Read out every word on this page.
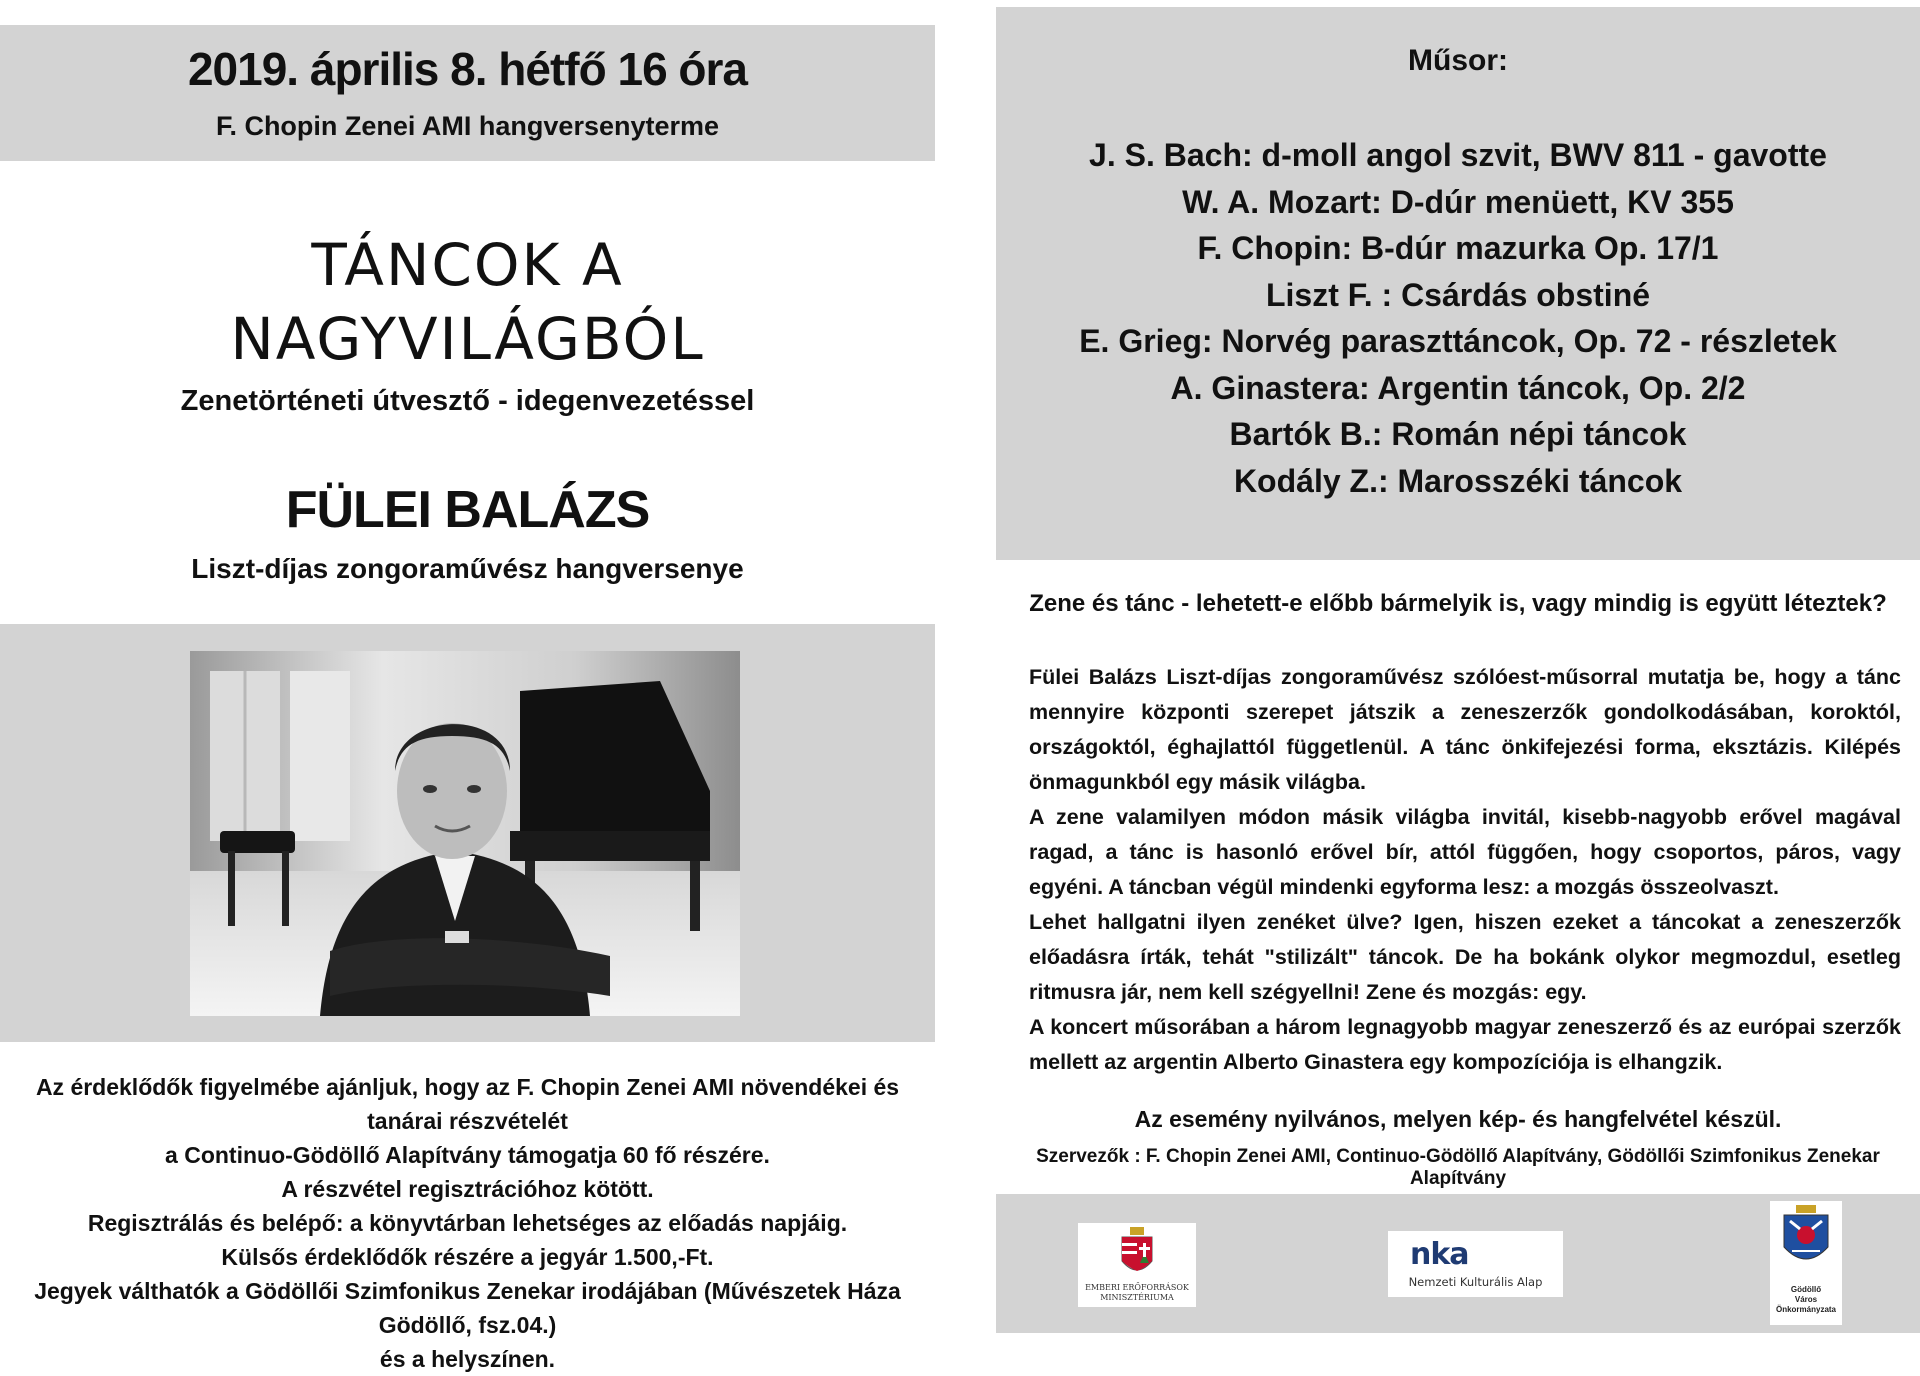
2019. április 8. hétfő 16 óra
F. Chopin Zenei AMI hangversenyterme
TÁNCOK A
NAGYVILÁGBÓL
Zenetörténeti útvesztő - idegenvezetéssel
FÜLEI BALÁZS
Liszt-díjas zongoraművész hangversenye
Az érdeklődők figyelmébe ajánljuk, hogy az F. Chopin Zenei AMI növendékei és tanárai részvételét
a Continuo-Gödöllő Alapítvány támogatja 60 fő részére.
A részvétel regisztrációhoz kötött.
Regisztrálás és belépő: a könyvtárban lehetséges az előadás napjáig.
Külsős érdeklődők részére a jegyár 1.500,-Ft.
Jegyek válthatók a Gödöllői Szimfonikus Zenekar irodájában (Művészetek Háza Gödöllő, fsz.04.)
és a helyszínen.
Műsor:
J. S. Bach: d-moll angol szvit, BWV 811 - gavotte
W. A. Mozart: D-dúr menüett, KV 355
F. Chopin: B-dúr mazurka Op. 17/1
Liszt F. : Csárdás obstiné
E. Grieg: Norvég paraszttáncok, Op. 72 - részletek
A. Ginastera: Argentin táncok, Op. 2/2
Bartók B.: Román népi táncok
Kodály Z.: Marosszéki táncok
Zene és tánc - lehetett-e előbb bármelyik is, vagy mindig is együtt léteztek?

Fülei Balázs Liszt-díjas zongoraművész szólóest-műsorral mutatja be, hogy a tánc mennyire központi szerepet játszik a zeneszerzők gondolkodásában, koroktól, országoktól, éghajlattól függetlenül. A tánc önkifejezési forma, eksztázis. Kilépés önmagunkból egy másik világba.

A zene valamilyen módon másik világba invitál, kisebb-nagyobb erővel magával ragad, a tánc is hasonló erővel bír, attól függően, hogy csoportos, páros, vagy egyéni. A táncban végül mindenki egyforma lesz: a mozgás összeolvaszt.

Lehet hallgatni ilyen zenéket ülve? Igen, hiszen ezeket a táncokat a zeneszerzők előadásra írták, tehát "stilizált" táncok. De ha bokánk olykor megmozdul, esetleg ritmusra jár, nem kell szégyellni! Zene és mozgás: egy.

A koncert műsorában a három legnagyobb magyar zeneszerző és az európai szerzők mellett az argentin Alberto Ginastera egy kompozíciója is elhangzik.

Az esemény nyilvános, melyen kép- és hangfelvétel készül.
Szervezők : F. Chopin Zenei AMI, Continuo-Gödöllő Alapítvány, Gödöllői Szimfonikus Zenekar Alapítvány
EMBERI ERŐFORRÁSOK
MINISZTÉRIUMA
nka
Nemzeti Kulturális Alap
Gödöllő
Város
Önkormányzata
